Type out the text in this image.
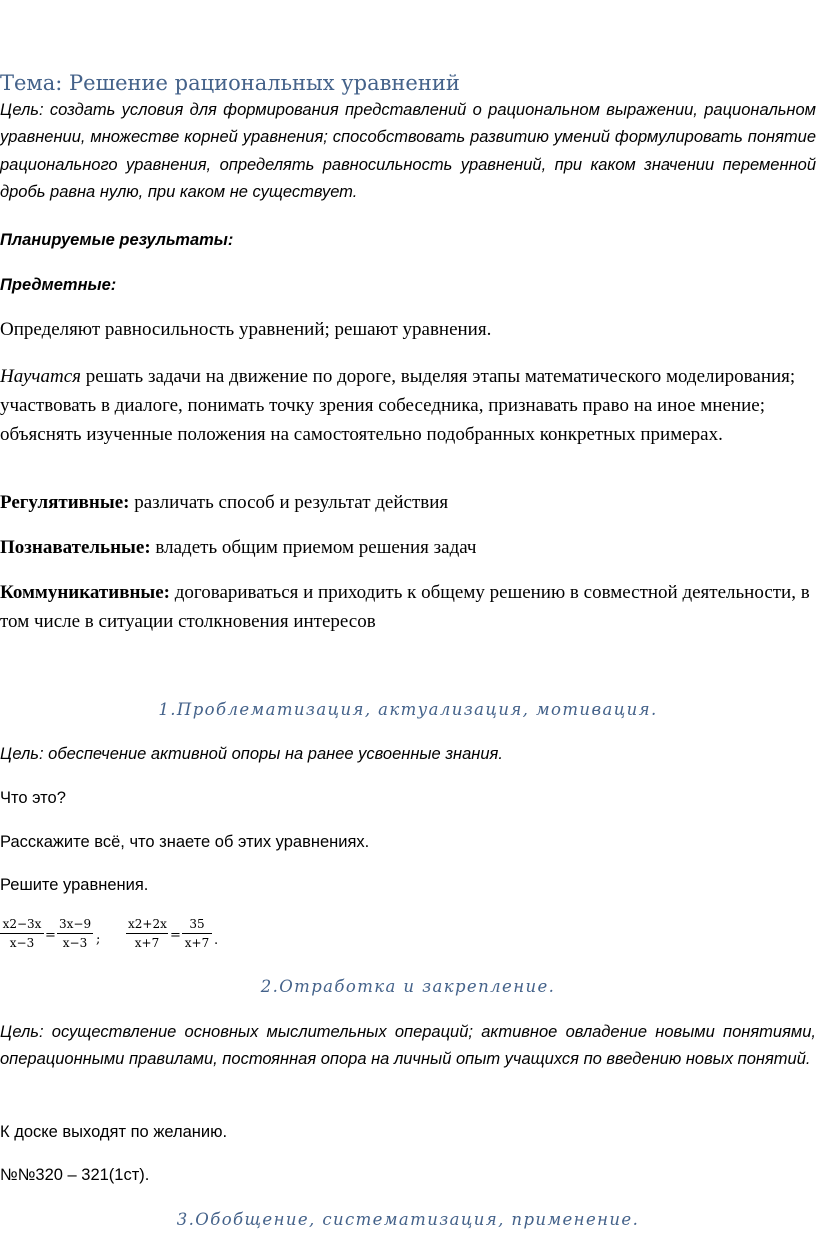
Тема: Решение рациональных уравнений

Цель: создать условия для формирования представлений о рациональном выражении, рациональном уравнении, множестве корней уравнения; способствовать развитию умений формулировать понятие рационального уравнения, определять равносильность уравнений, при каком значении переменной дробь равна нулю, при каком не существует.

Планируемые результаты:

Предметные:

Определяют равносильность уравнений; решают уравнения.

Научатся решать задачи на движение по дороге, выделяя этапы математического моделирования; участвовать в диалоге, понимать точку зрения собеседника, признавать право на иное мнение; объяснять изученные положения на самостоятельно подобранных конкретных примерах.

Регулятивные: различать способ и результат действия

Познавательные: владеть общим приемом решения задач

Коммуникативные: договариваться и приходить к общему решению в совместной деятельности, в том числе в ситуации столкновения интересов

1.Проблематизация, актуализация, мотивация.

Цель: обеспечение активной опоры на ранее усвоенные знания.

Что это?

Расскажите всё, что знаете об этих уравнениях.

Решите уравнения.

$\frac{x2-3x}{x-3} = \frac{3x-9}{x-3}$ ; $\frac{x2+2x}{x+7} = \frac{35}{x+7}$ .

2.Отработка и закрепление.

Цель: осуществление основных мыслительных операций; активное овладение новыми понятиями, операционными правилами, постоянная опора на личный опыт учащихся по введению новых понятий.

К доске выходят по желанию.

№№320 – 321(1ст).

3.Обобщение, систематизация, применение.
